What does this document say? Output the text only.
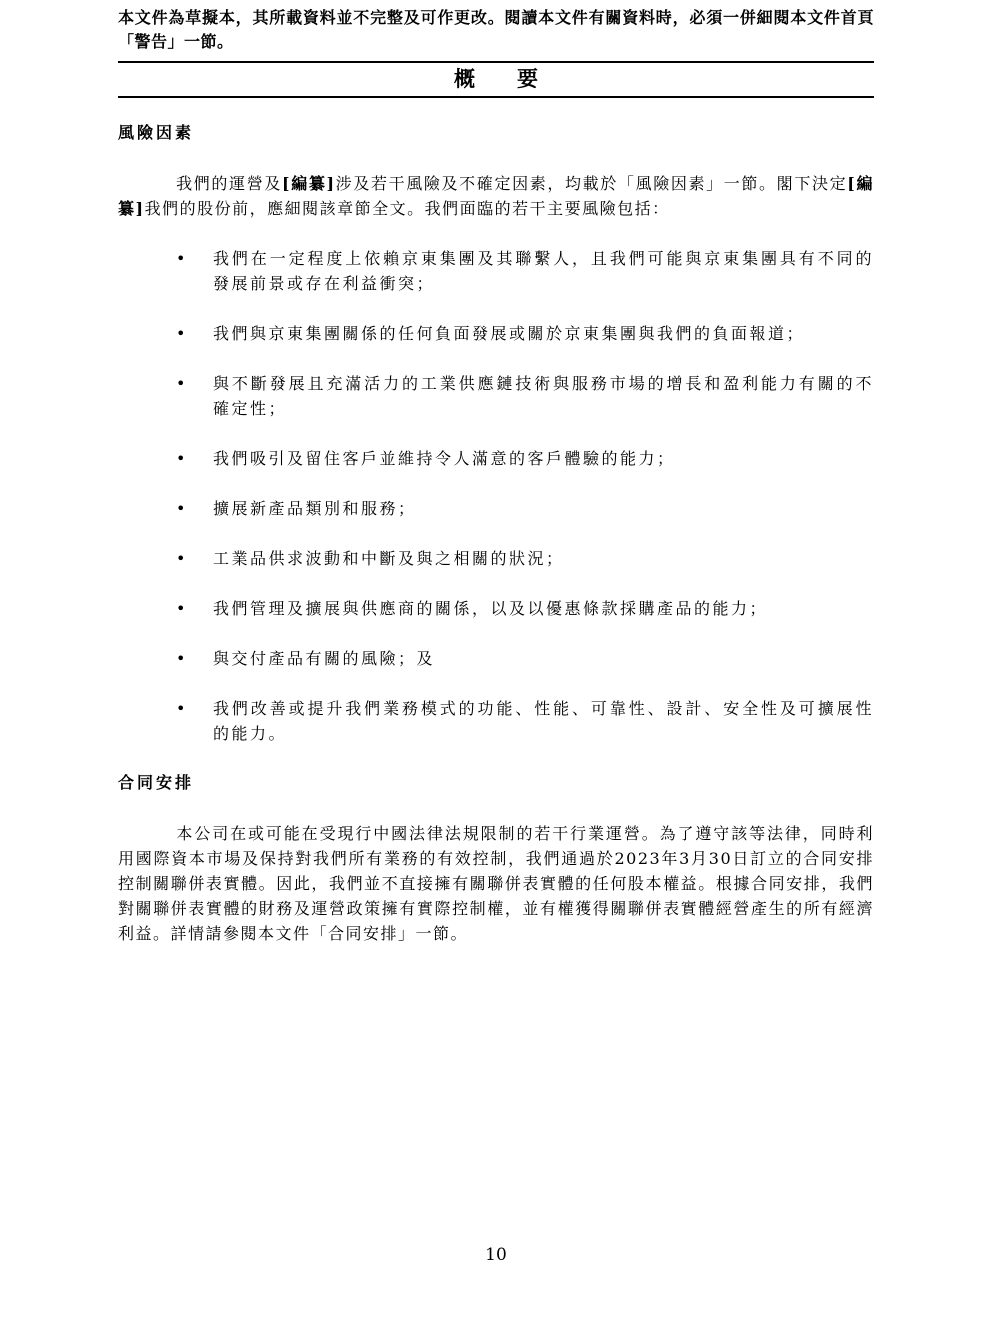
本文件為草擬本，其所載資料並不完整及可作更改。閱讀本文件有關資料時，必須一併細閱本文件首頁「警告」一節。
概要
風險因素
我們的運營及[編纂]涉及若干風險及不確定因素，均載於「風險因素」一節。閣下決定[編纂]我們的股份前，應細閱該章節全文。我們面臨的若干主要風險包括：
• 我們在一定程度上依賴京東集團及其聯繫人，且我們可能與京東集團具有不同的發展前景或存在利益衝突；
• 我們與京東集團關係的任何負面發展或關於京東集團與我們的負面報道；
• 與不斷發展且充滿活力的工業供應鏈技術與服務市場的增長和盈利能力有關的不確定性；
• 我們吸引及留住客戶並維持令人滿意的客戶體驗的能力；
• 擴展新產品類別和服務；
• 工業品供求波動和中斷及與之相關的狀況；
• 我們管理及擴展與供應商的關係，以及以優惠條款採購產品的能力；
• 與交付產品有關的風險；及
• 我們改善或提升我們業務模式的功能、性能、可靠性、設計、安全性及可擴展性的能力。
合同安排
本公司在或可能在受現行中國法律法規限制的若干行業運營。為了遵守該等法律，同時利用國際資本市場及保持對我們所有業務的有效控制，我們通過於2023年3月30日訂立的合同安排控制關聯併表實體。因此，我們並不直接擁有關聯併表實體的任何股本權益。根據合同安排，我們對關聯併表實體的財務及運營政策擁有實際控制權，並有權獲得關聯併表實體經營產生的所有經濟利益。詳情請參閱本文件「合同安排」一節。
10
